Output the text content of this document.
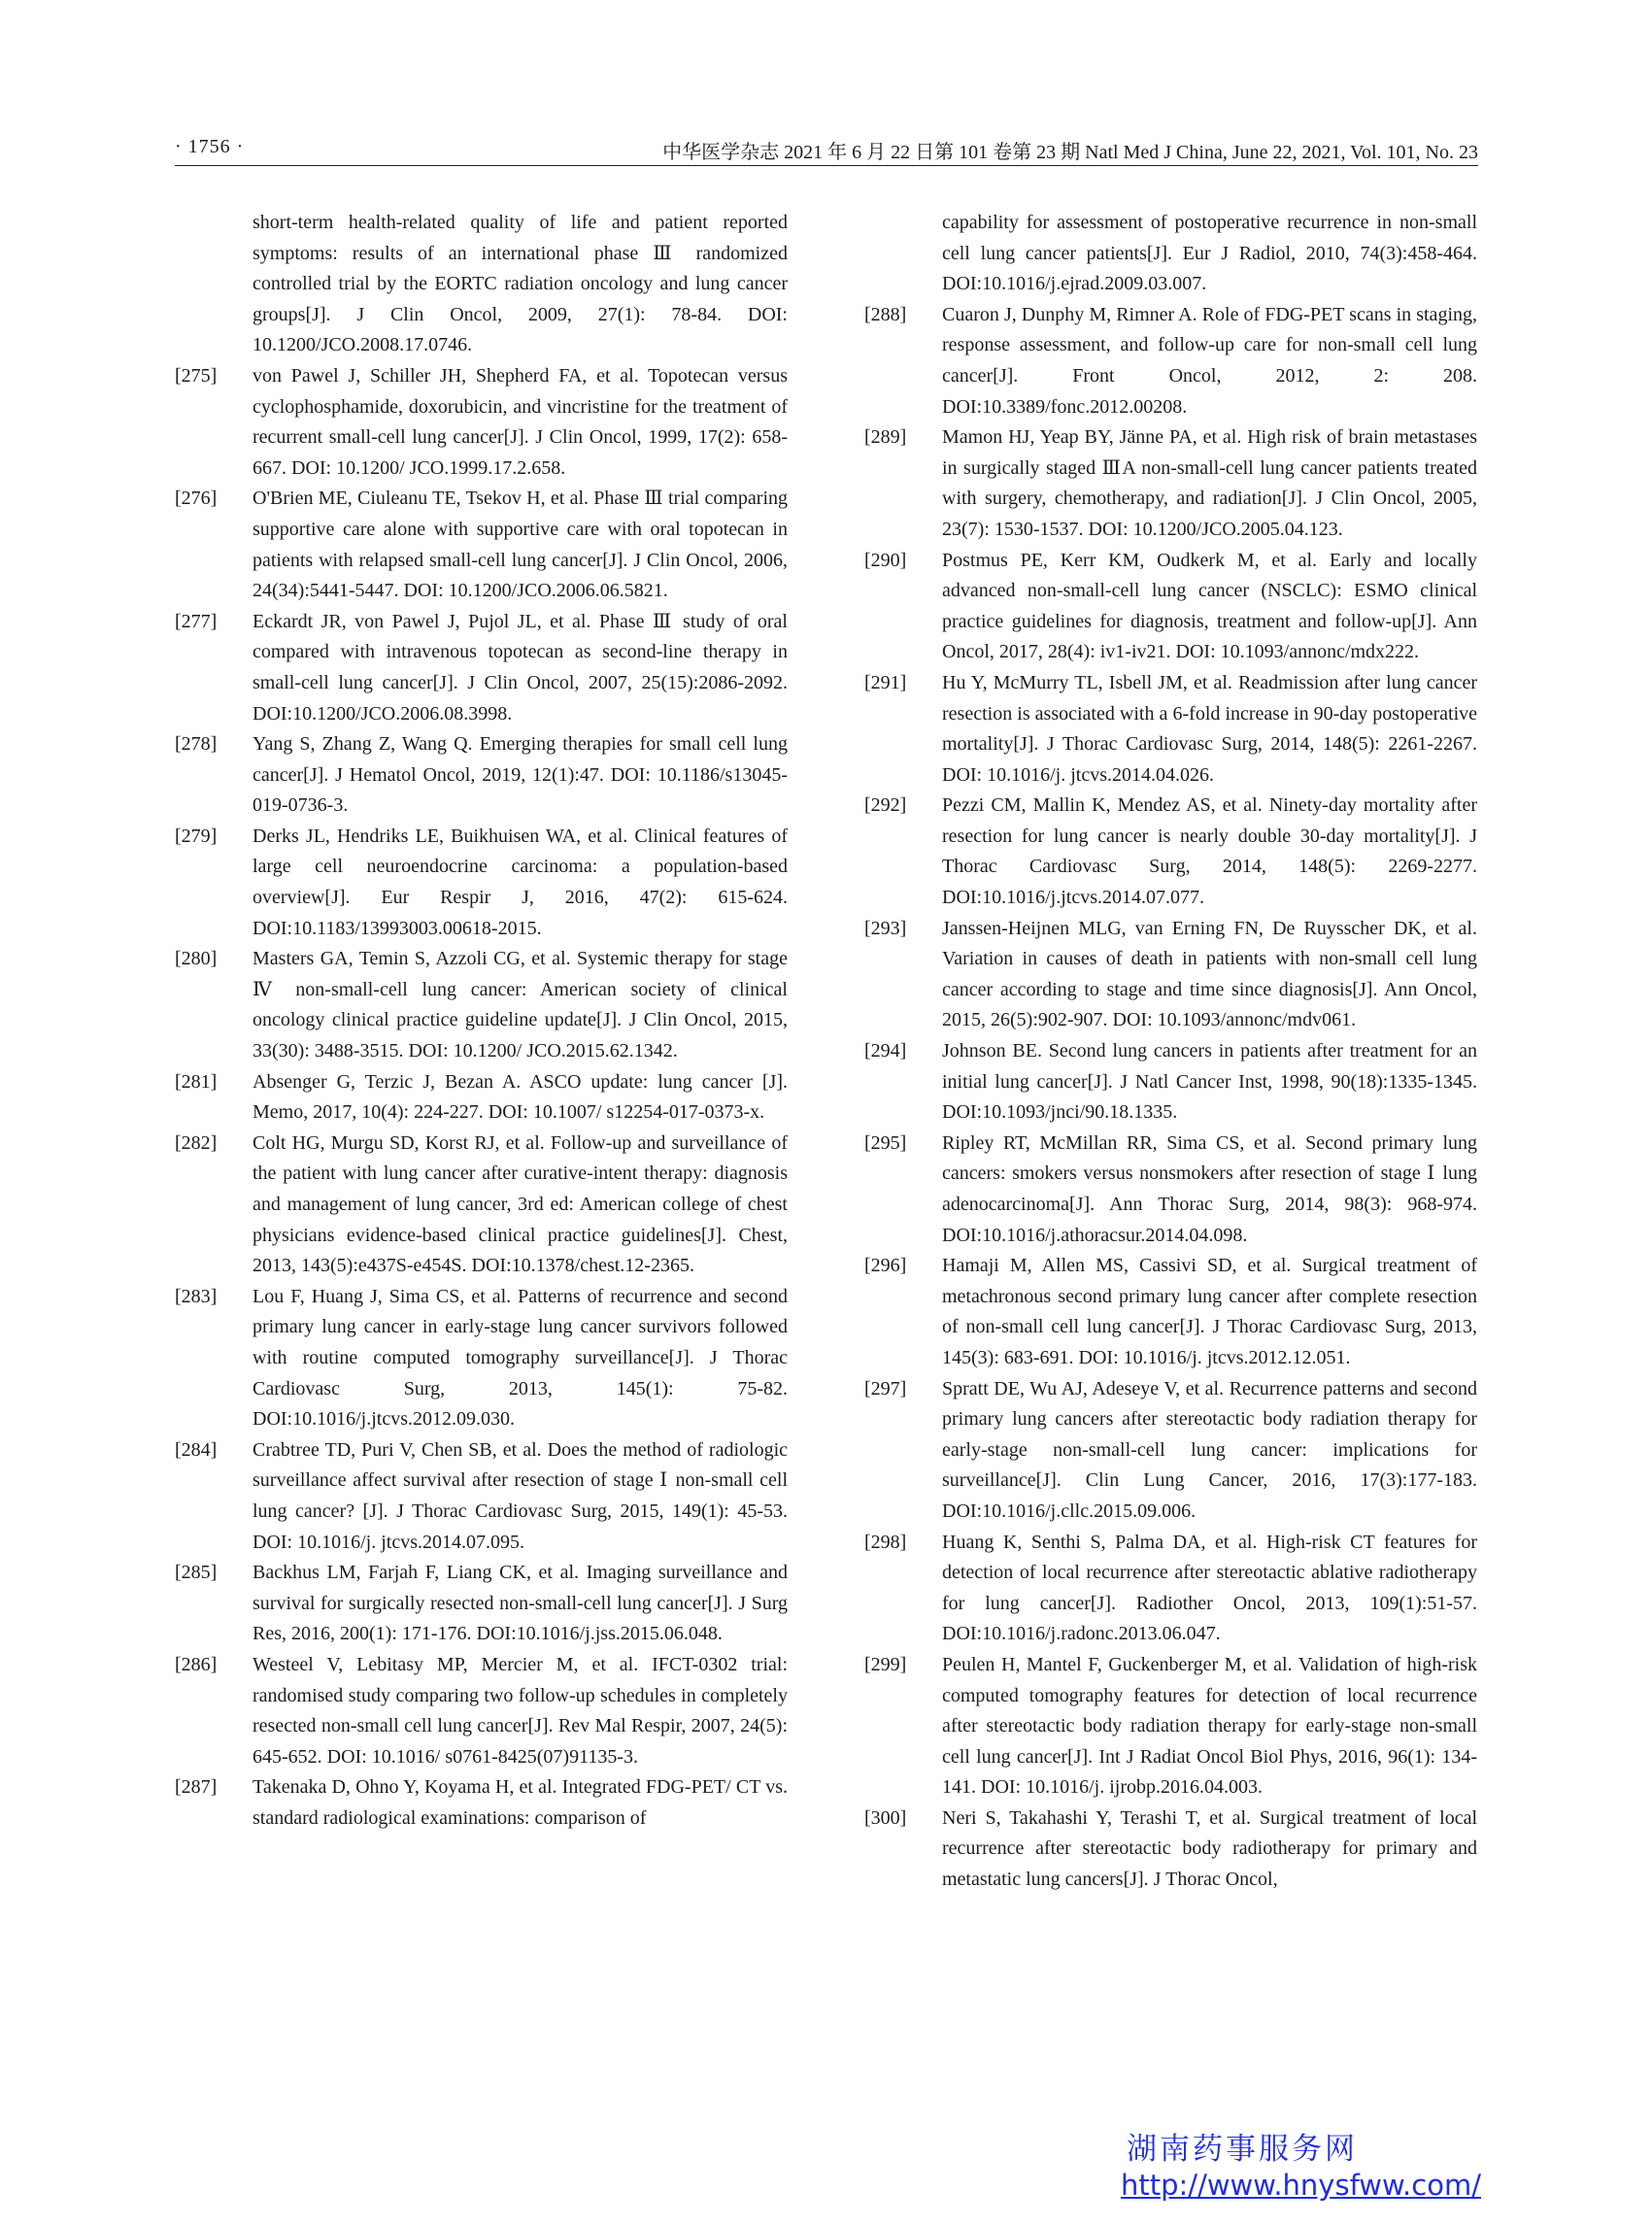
· 1756 ·	中华医学杂志 2021 年 6 月 22 日第 101 卷第 23 期 Natl Med J China, June 22, 2021, Vol. 101, No. 23
short-term health-related quality of life and patient reported symptoms: results of an international phase Ⅲ randomized controlled trial by the EORTC radiation oncology and lung cancer groups[J]. J Clin Oncol, 2009, 27(1): 78-84. DOI: 10.1200/JCO.2008.17.0746.
[275]	von Pawel J, Schiller JH, Shepherd FA, et al. Topotecan versus cyclophosphamide, doxorubicin, and vincristine for the treatment of recurrent small-cell lung cancer[J]. J Clin Oncol, 1999, 17(2): 658-667. DOI: 10.1200/ JCO.1999.17.2.658.
[276]	O'Brien ME, Ciuleanu TE, Tsekov H, et al. Phase Ⅲ trial comparing supportive care alone with supportive care with oral topotecan in patients with relapsed small-cell lung cancer[J]. J Clin Oncol, 2006, 24(34):5441-5447. DOI: 10.1200/JCO.2006.06.5821.
[277]	Eckardt JR, von Pawel J, Pujol JL, et al. Phase Ⅲ study of oral compared with intravenous topotecan as second-line therapy in small-cell lung cancer[J]. J Clin Oncol, 2007, 25(15):2086-2092. DOI:10.1200/JCO.2006.08.3998.
[278]	Yang S, Zhang Z, Wang Q. Emerging therapies for small cell lung cancer[J]. J Hematol Oncol, 2019, 12(1):47. DOI: 10.1186/s13045-019-0736-3.
[279]	Derks JL, Hendriks LE, Buikhuisen WA, et al. Clinical features of large cell neuroendocrine carcinoma: a population-based overview[J]. Eur Respir J, 2016, 47(2): 615-624. DOI:10.1183/13993003.00618-2015.
[280]	Masters GA, Temin S, Azzoli CG, et al. Systemic therapy for stage Ⅳ non-small-cell lung cancer: American society of clinical oncology clinical practice guideline update[J]. J Clin Oncol, 2015, 33(30): 3488-3515. DOI: 10.1200/ JCO.2015.62.1342.
[281]	Absenger G, Terzic J, Bezan A. ASCO update: lung cancer [J]. Memo, 2017, 10(4): 224-227. DOI: 10.1007/ s12254-017-0373-x.
[282]	Colt HG, Murgu SD, Korst RJ, et al. Follow-up and surveillance of the patient with lung cancer after curative-intent therapy: diagnosis and management of lung cancer, 3rd ed: American college of chest physicians evidence-based clinical practice guidelines[J]. Chest, 2013, 143(5):e437S-e454S. DOI:10.1378/chest.12-2365.
[283]	Lou F, Huang J, Sima CS, et al. Patterns of recurrence and second primary lung cancer in early-stage lung cancer survivors followed with routine computed tomography surveillance[J]. J Thorac Cardiovasc Surg, 2013, 145(1): 75-82. DOI:10.1016/j.jtcvs.2012.09.030.
[284]	Crabtree TD, Puri V, Chen SB, et al. Does the method of radiologic surveillance affect survival after resection of stage Ⅰ non-small cell lung cancer? [J]. J Thorac Cardiovasc Surg, 2015, 149(1): 45-53. DOI: 10.1016/j. jtcvs.2014.07.095.
[285]	Backhus LM, Farjah F, Liang CK, et al. Imaging surveillance and survival for surgically resected non-small-cell lung cancer[J]. J Surg Res, 2016, 200(1): 171-176. DOI:10.1016/j.jss.2015.06.048.
[286]	Westeel V, Lebitasy MP, Mercier M, et al. IFCT-0302 trial: randomised study comparing two follow-up schedules in completely resected non-small cell lung cancer[J]. Rev Mal Respir, 2007, 24(5): 645-652. DOI: 10.1016/ s0761-8425(07)91135-3.
[287]	Takenaka D, Ohno Y, Koyama H, et al. Integrated FDG-PET/ CT vs. standard radiological examinations: comparison of
capability for assessment of postoperative recurrence in non-small cell lung cancer patients[J]. Eur J Radiol, 2010, 74(3):458-464. DOI:10.1016/j.ejrad.2009.03.007.
[288]	Cuaron J, Dunphy M, Rimner A. Role of FDG-PET scans in staging, response assessment, and follow-up care for non-small cell lung cancer[J]. Front Oncol, 2012, 2: 208. DOI:10.3389/fonc.2012.00208.
[289]	Mamon HJ, Yeap BY, Jänne PA, et al. High risk of brain metastases in surgically staged ⅢA non-small-cell lung cancer patients treated with surgery, chemotherapy, and radiation[J]. J Clin Oncol, 2005, 23(7): 1530-1537. DOI: 10.1200/JCO.2005.04.123.
[290]	Postmus PE, Kerr KM, Oudkerk M, et al. Early and locally advanced non-small-cell lung cancer (NSCLC): ESMO clinical practice guidelines for diagnosis, treatment and follow-up[J]. Ann Oncol, 2017, 28(4): iv1-iv21. DOI: 10.1093/annonc/mdx222.
[291]	Hu Y, McMurry TL, Isbell JM, et al. Readmission after lung cancer resection is associated with a 6-fold increase in 90-day postoperative mortality[J]. J Thorac Cardiovasc Surg, 2014, 148(5): 2261-2267. DOI: 10.1016/j. jtcvs.2014.04.026.
[292]	Pezzi CM, Mallin K, Mendez AS, et al. Ninety-day mortality after resection for lung cancer is nearly double 30-day mortality[J]. J Thorac Cardiovasc Surg, 2014, 148(5): 2269-2277. DOI:10.1016/j.jtcvs.2014.07.077.
[293]	Janssen-Heijnen MLG, van Erning FN, De Ruysscher DK, et al. Variation in causes of death in patients with non-small cell lung cancer according to stage and time since diagnosis[J]. Ann Oncol, 2015, 26(5):902-907. DOI: 10.1093/annonc/mdv061.
[294]	Johnson BE. Second lung cancers in patients after treatment for an initial lung cancer[J]. J Natl Cancer Inst, 1998, 90(18):1335-1345. DOI:10.1093/jnci/90.18.1335.
[295]	Ripley RT, McMillan RR, Sima CS, et al. Second primary lung cancers: smokers versus nonsmokers after resection of stage Ⅰ lung adenocarcinoma[J]. Ann Thorac Surg, 2014, 98(3): 968-974. DOI:10.1016/j.athoracsur.2014.04.098.
[296]	Hamaji M, Allen MS, Cassivi SD, et al. Surgical treatment of metachronous second primary lung cancer after complete resection of non-small cell lung cancer[J]. J Thorac Cardiovasc Surg, 2013, 145(3): 683-691. DOI: 10.1016/j. jtcvs.2012.12.051.
[297]	Spratt DE, Wu AJ, Adeseye V, et al. Recurrence patterns and second primary lung cancers after stereotactic body radiation therapy for early-stage non-small-cell lung cancer: implications for surveillance[J]. Clin Lung Cancer, 2016, 17(3):177-183. DOI:10.1016/j.cllc.2015.09.006.
[298]	Huang K, Senthi S, Palma DA, et al. High-risk CT features for detection of local recurrence after stereotactic ablative radiotherapy for lung cancer[J]. Radiother Oncol, 2013, 109(1):51-57. DOI:10.1016/j.radonc.2013.06.047.
[299]	Peulen H, Mantel F, Guckenberger M, et al. Validation of high-risk computed tomography features for detection of local recurrence after stereotactic body radiation therapy for early-stage non-small cell lung cancer[J]. Int J Radiat Oncol Biol Phys, 2016, 96(1): 134-141. DOI: 10.1016/j. ijrobp.2016.04.003.
[300]	Neri S, Takahashi Y, Terashi T, et al. Surgical treatment of local recurrence after stereotactic body radiotherapy for primary and metastatic lung cancers[J]. J Thorac Oncol,
湖南药事服务网
http://www.hnysfww.com/
